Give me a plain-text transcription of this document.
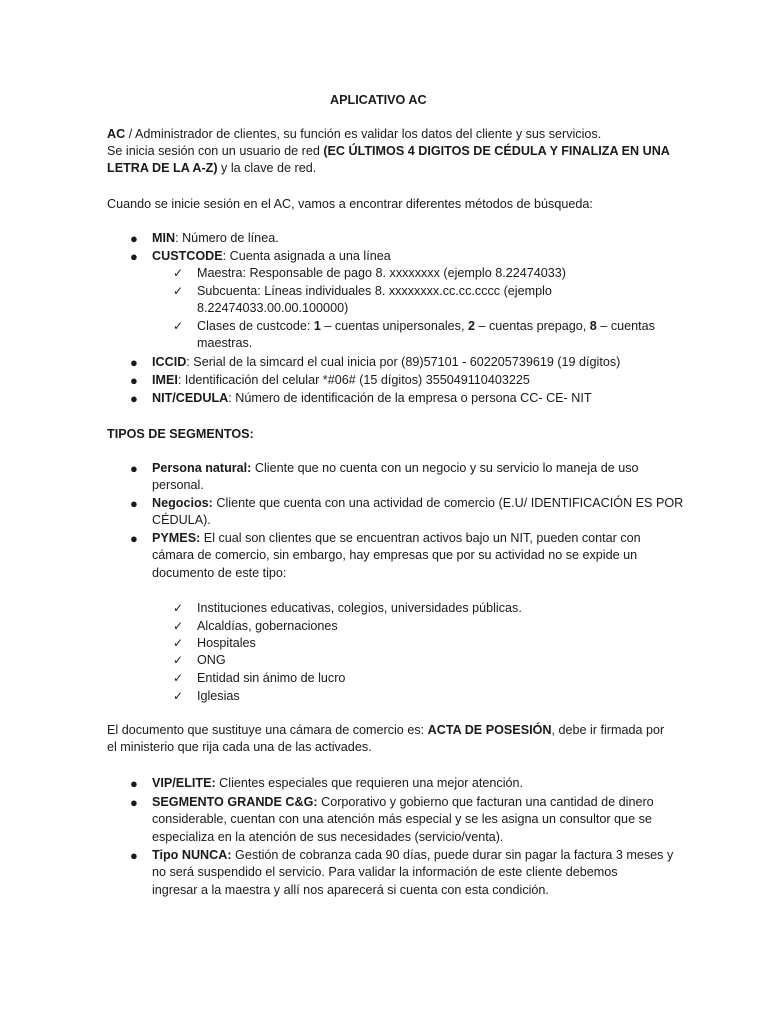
APLICATIVO AC
AC / Administrador de clientes, su función es validar los datos del cliente y sus servicios.
Se inicia sesión con un usuario de red (EC ÚLTIMOS 4 DIGITOS DE CÉDULA Y FINALIZA EN UNA
LETRA DE LA A-Z) y la clave de red.
Cuando se inicie sesión en el AC, vamos a encontrar diferentes métodos de búsqueda:
● MIN: Número de línea.
● CUSTCODE: Cuenta asignada a una línea
✓ Maestra: Responsable de pago 8. xxxxxxxx (ejemplo 8.22474033)
✓ Subcuenta: Líneas individuales 8. xxxxxxxx.cc.cc.cccc (ejemplo
8.22474033.00.00.100000)
✓ Clases de custcode: 1 – cuentas unipersonales, 2 – cuentas prepago, 8 – cuentas
maestras.
● ICCID: Serial de la simcard el cual inicia por (89)57101 - 602205739619 (19 dígitos)
● IMEI: Identificación del celular *#06# (15 dígitos) 355049110403225
● NIT/CEDULA: Número de identificación de la empresa o persona CC- CE- NIT
TIPOS DE SEGMENTOS:
● Persona natural: Cliente que no cuenta con un negocio y su servicio lo maneja de uso
personal.
● Negocios: Cliente que cuenta con una actividad de comercio (E.U/ IDENTIFICACIÓN ES POR
CÉDULA).
● PYMES: El cual son clientes que se encuentran activos bajo un NIT, pueden contar con
cámara de comercio, sin embargo, hay empresas que por su actividad no se expide un
documento de este tipo:
✓ Instituciones educativas, colegios, universidades públicas.
✓ Alcaldías, gobernaciones
✓ Hospitales
✓ ONG
✓ Entidad sin ánimo de lucro
✓ Iglesias
El documento que sustituye una cámara de comercio es: ACTA DE POSESIÓN, debe ir firmada por
el ministerio que rija cada una de las activades.
● VIP/ELITE: Clientes especiales que requieren una mejor atención.
● SEGMENTO GRANDE C&G: Corporativo y gobierno que facturan una cantidad de dinero
considerable, cuentan con una atención más especial y se les asigna un consultor que se
especializa en la atención de sus necesidades (servicio/venta).
● Tipo NUNCA: Gestión de cobranza cada 90 días, puede durar sin pagar la factura 3 meses y
no será suspendido el servicio. Para validar la información de este cliente debemos
ingresar a la maestra y allí nos aparecerá si cuenta con esta condición.
